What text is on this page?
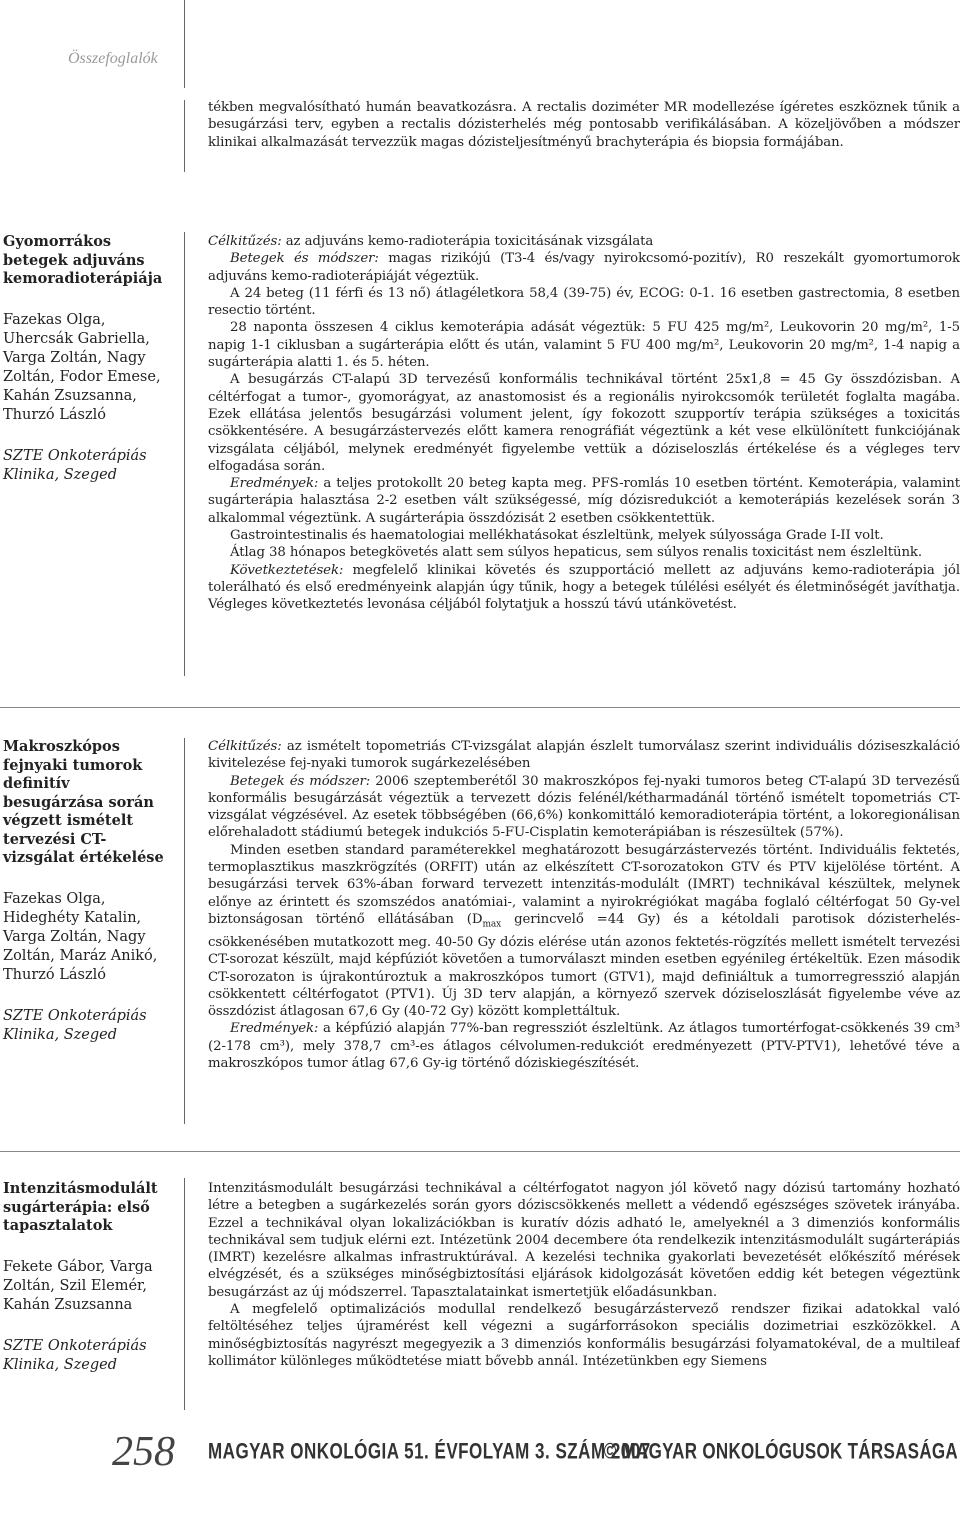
Összefoglalók

tékben megvalósítható humán beavatkozásra. A rectalis doziméter MR modellezése ígéretes eszköznek tűnik a besugárzási terv, egyben a rectalis dózisterhelés még pontosabb verifikálásában. A közeljövőben a módszer klinikai alkalmazását tervezzük magas dózisteljesítményű brachyterápia és biopsia formájában.

Gyomorrákos betegek adjuváns kemoradioterápiája
Fazekas Olga, Uhercsák Gabriella, Varga Zoltán, Nagy Zoltán, Fodor Emese, Kahán Zsuzsanna, Thurzó László
SZTE Onkoterápiás Klinika, Szeged

Célkitűzés: az adjuváns kemo-radioterápia toxicitásának vizsgálata

Betegek és módszer: magas rizikójú (T3-4 és/vagy nyirokcsomó-pozitív), R0 reszekált gyomortumorok adjuváns kemo-radioterápiáját végeztük.

A 24 beteg (11 férfi és 13 nő) átlagéletkora 58,4 (39-75) év, ECOG: 0-1. 16 esetben gastrectomia, 8 esetben resectio történt.

28 naponta összesen 4 ciklus kemoterápia adását végeztük: 5 FU 425 mg/m², Leukovorin 20 mg/m², 1-5 napig 1-1 ciklusban a sugárterápia előtt és után, valamint 5 FU 400 mg/m², Leukovorin 20 mg/m², 1-4 napig a sugárterápia alatti 1. és 5. héten.

A besugárzás CT-alapú 3D tervezésű konformális technikával történt 25x1,8 = 45 Gy összdózisban. A céltérfogat a tumor-, gyomorágyat, az anastomosist és a regionális nyirokcsomók területét foglalta magába. Ezek ellátása jelentős besugárzási volument jelent, így fokozott szupportív terápia szükséges a toxicitás csökkentésére. A besugárzástervezés előtt kamera renográfiát végeztünk a két vese elkülönített funkciójának vizsgálata céljából, melynek eredményét figyelembe vettük a dóziseloszlás értékelése és a végleges terv elfogadása során.

Eredmények: a teljes protokollt 20 beteg kapta meg. PFS-romlás 10 esetben történt. Kemoterápia, valamint sugárterápia halasztása 2-2 esetben vált szükségessé, míg dózisredukciót a kemoterápiás kezelések során 3 alkalommal végeztünk. A sugárterápia összdózisát 2 esetben csökkentettük.

Gastrointestinalis és haematologiai mellékhatásokat észleltünk, melyek súlyossága Grade I-II volt.

Átlag 38 hónapos betegkövetés alatt sem súlyos hepaticus, sem súlyos renalis toxicitást nem észleltünk.

Következtetések: megfelelő klinikai követés és szupportáció mellett az adjuváns kemo-radioterápia jól tolerálható és első eredményeink alapján úgy tűnik, hogy a betegek túlélési esélyét és életminőségét javíthatja. Végleges következtetés levonása céljából folytatjuk a hosszú távú utánkövetést.

Makroszkópos fejnyaki tumorok definitív besugárzása során végzett ismételt tervezési CT-vizsgálat értékelése
Fazekas Olga, Hideghéty Katalin, Varga Zoltán, Nagy Zoltán, Maráz Anikó, Thurzó László
SZTE Onkoterápiás Klinika, Szeged

Célkitűzés: az ismételt topometriás CT-vizsgálat alapján észlelt tumorválasz szerint individuális dóziseszkaláció kivitelezése fej-nyaki tumorok sugárkezelésében

Betegek és módszer: 2006 szeptemberétől 30 makroszkópos fej-nyaki tumoros beteg CT-alapú 3D tervezésű konformális besugárzását végeztük a tervezett dózis felénél/kétharmadánál történő ismételt topometriás CT-vizsgálat végzésével. Az esetek többségében (66,6%) konkomittáló kemoradioterápia történt, a lokoregionálisan előrehaladott stádiumú betegek indukciós 5-FU-Cisplatin kemoterápiában is részesültek (57%).

Minden esetben standard paraméterekkel meghatározott besugárzástervezés történt. Individuális fektetés, termoplasztikus maszkrögzítés (ORFIT) után az elkészített CT-sorozatokon GTV és PTV kijelölése történt. A besugárzási tervek 63%-ában forward tervezett intenzitás-modulált (IMRT) technikával készültek, melynek előnye az érintett és szomszédos anatómiai-, valamint a nyirokrégiókat magába foglaló céltérfogat 50 Gy-vel biztonságosan történő ellátásában ($D_{max}$ gerincvelő =44 Gy) és a kétoldali parotisok dózisterhelés-csökkenésében mutatkozott meg. 40-50 Gy dózis elérése után azonos fektetés-rögzítés mellett ismételt tervezési CT-sorozat készült, majd képfúziót követően a tumorválaszt minden esetben egyénileg értékeltük. Ezen második CT-sorozaton is újrakontúroztuk a makroszkópos tumort (GTV1), majd definiáltuk a tumorregresszió alapján csökkentett céltérfogatot (PTV1). Új 3D terv alapján, a környező szervek dóziseloszlását figyelembe véve az összdózist átlagosan 67,6 Gy (40-72 Gy) között komplettáltuk.

Eredmények: a képfúzió alapján 77%-ban regressziót észleltünk. Az átlagos tumortérfogat-csökkenés 39 cm³ (2-178 cm³), mely 378,7 cm³-es átlagos célvolumen-redukciót eredményezett (PTV-PTV1), lehetővé téve a makroszkópos tumor átlag 67,6 Gy-ig történő dóziskiegészítését.

Intenzitásmodulált sugárterápia: első tapasztalatok
Fekete Gábor, Varga Zoltán, Szil Elemér, Kahán Zsuzsanna
SZTE Onkoterápiás Klinika, Szeged

Intenzitásmodulált besugárzási technikával a céltérfogatot nagyon jól követő nagy dózisú tartomány hozható létre a betegben a sugárkezelés során gyors dóziscsökkenés mellett a védendő egészséges szövetek irányába. Ezzel a technikával olyan lokalizációkban is kuratív dózis adható le, amelyeknél a 3 dimenziós konformális technikával sem tudjuk elérni ezt. Intézetünk 2004 decembere óta rendelkezik intenzitásmodulált sugárterápiás (IMRT) kezelésre alkalmas infrastruktúrával. A kezelési technika gyakorlati bevezetését előkészítő mérések elvégzését, és a szükséges minőségbiztosítási eljárások kidolgozását követően eddig két betegen végeztünk besugárzást az új módszerrel. Tapasztalatainkat ismertetjük előadásunkban.

A megfelelő optimalizációs modullal rendelkező besugárzástervező rendszer fizikai adatokkal való feltöltéséhez teljes újramérést kell végezni a sugárforrásokon speciális dozimetriai eszközökkel. A minőségbiztosítás nagyrészt megegyezik a 3 dimenziós konformális besugárzási folyamatokéval, de a multileaf kollimátor különleges működtetése miatt bővebb annál. Intézetünkben egy Siemens

258 MAGYAR ONKOLÓGIA 51. ÉVFOLYAM 3. SZÁM 2007
© MAGYAR ONKOLÓGUSOK TÁRSASÁGA
